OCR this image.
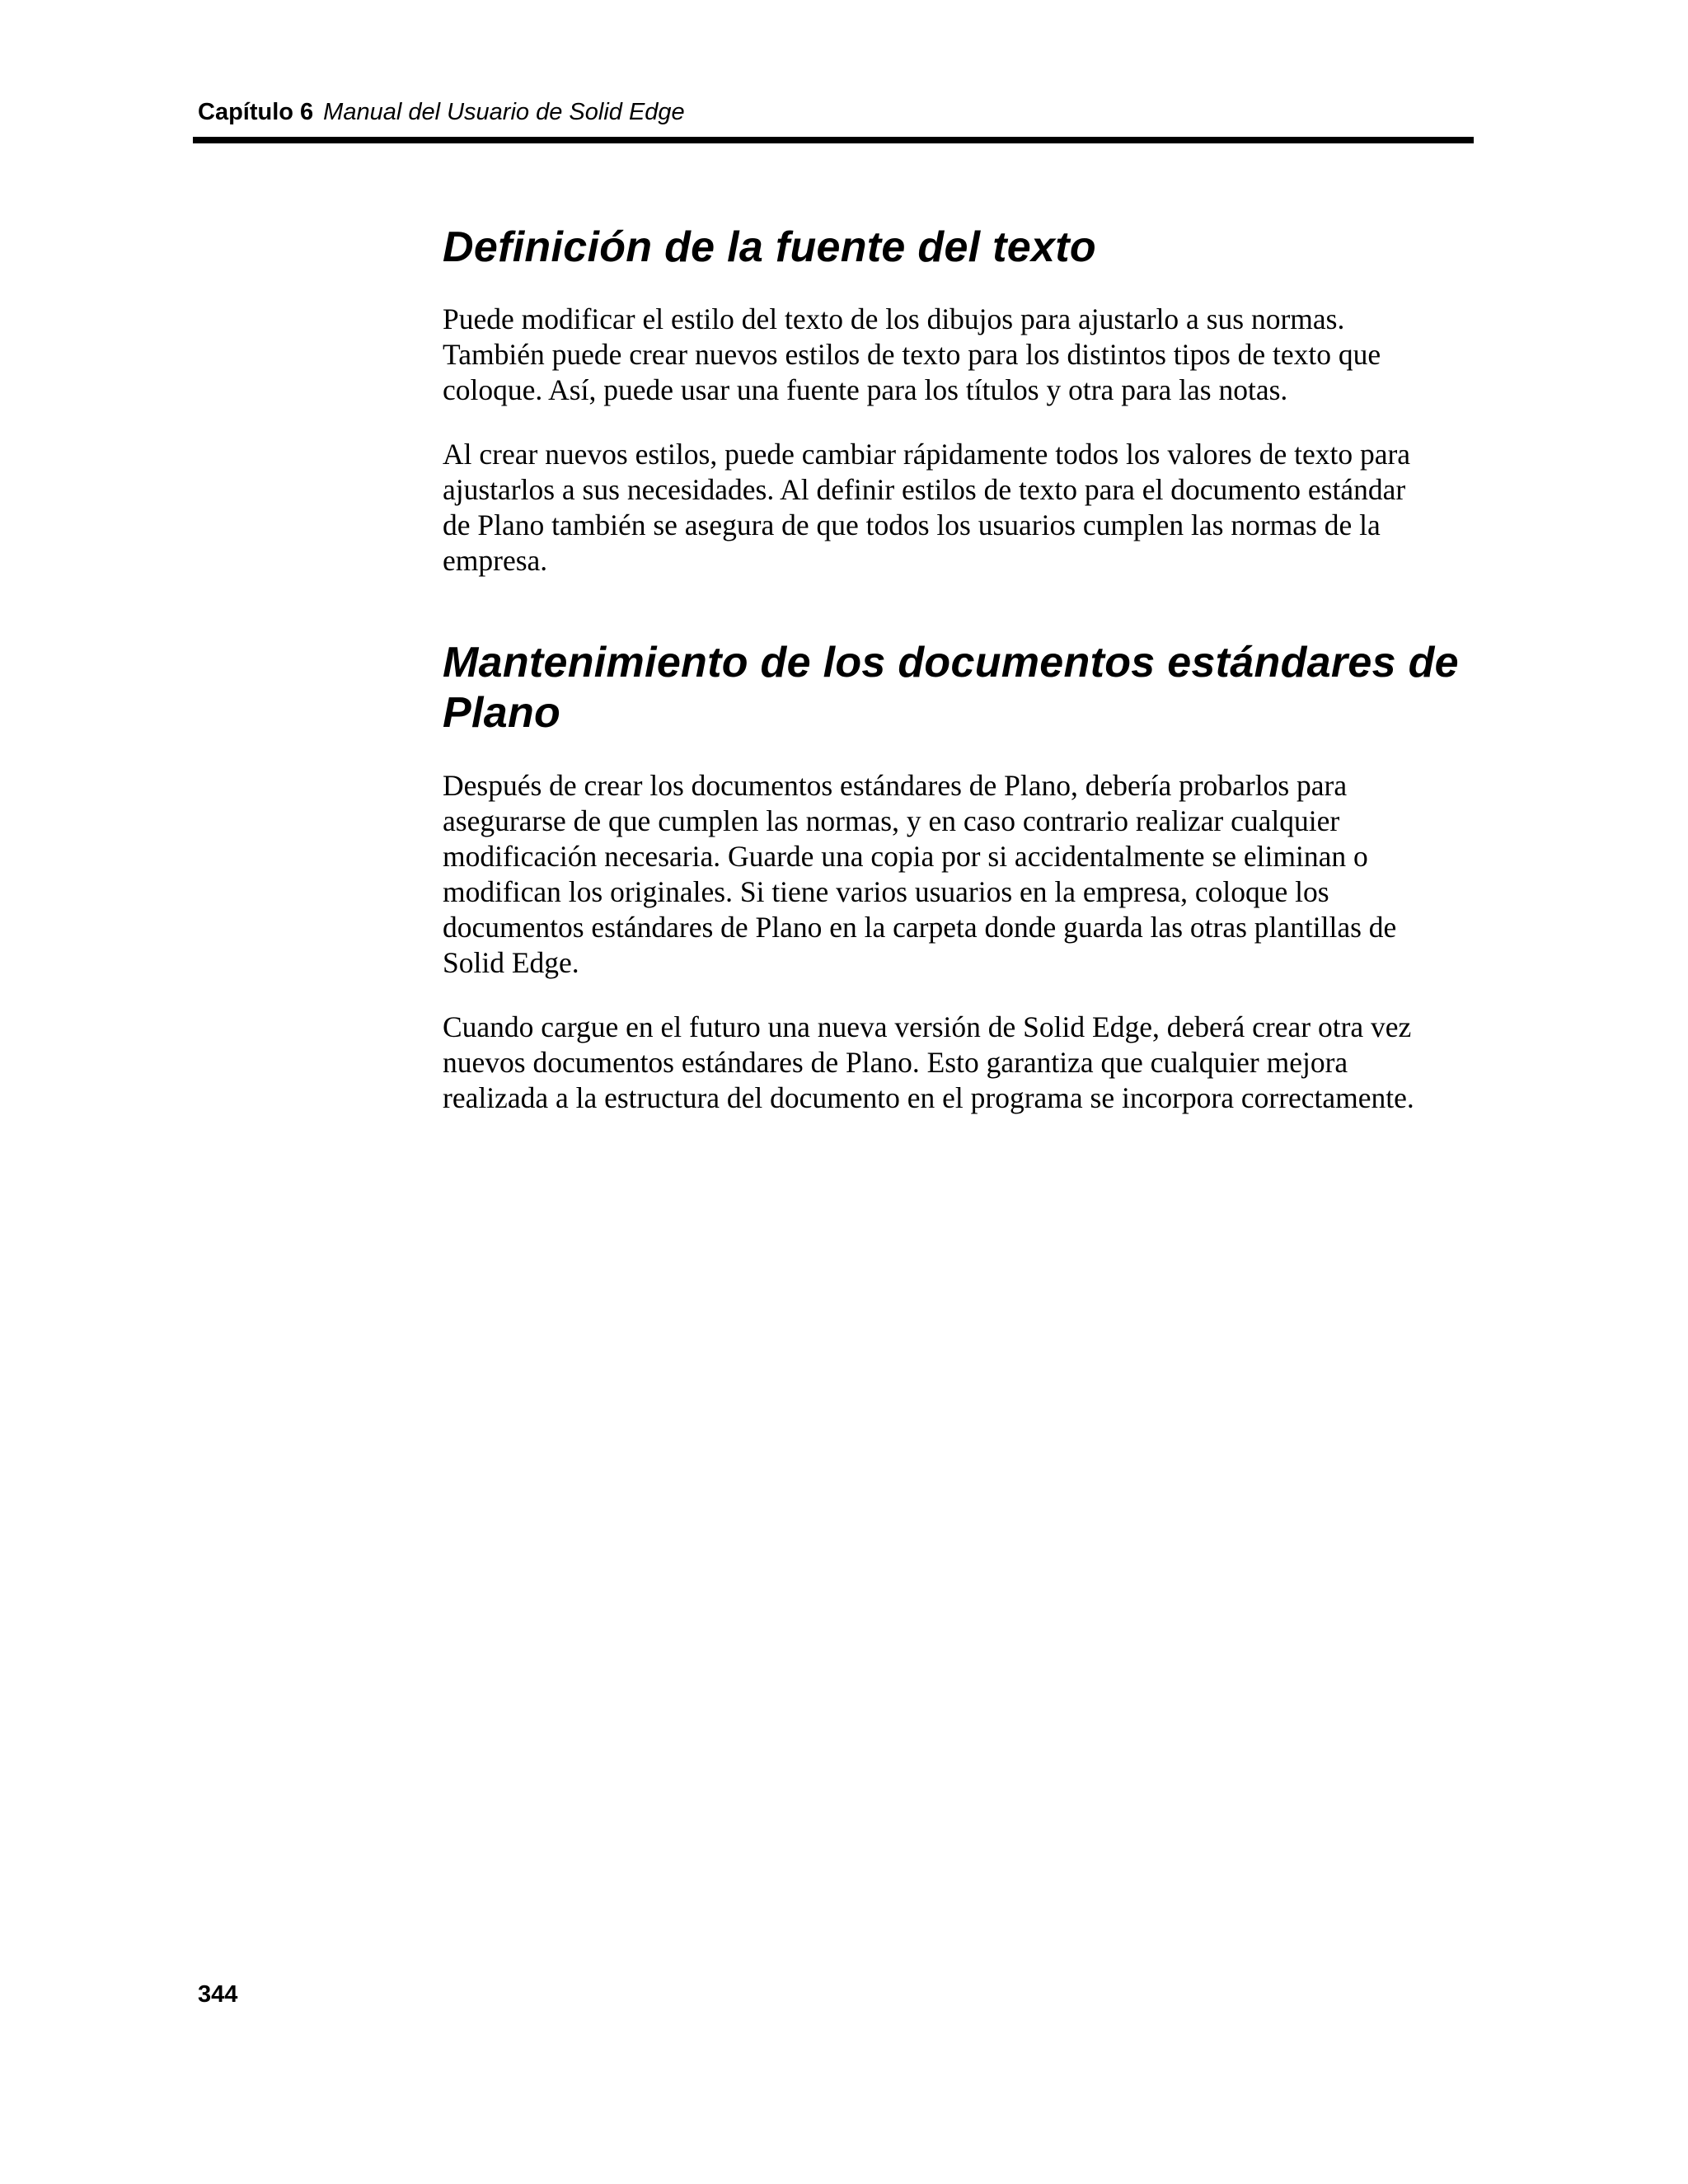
Capítulo 6 Manual del Usuario de Solid Edge
Definición de la fuente del texto

Puede modificar el estilo del texto de los dibujos para ajustarlo a sus normas.
También puede crear nuevos estilos de texto para los distintos tipos de texto que
coloque. Así, puede usar una fuente para los títulos y otra para las notas.

Al crear nuevos estilos, puede cambiar rápidamente todos los valores de texto para
ajustarlos a sus necesidades. Al definir estilos de texto para el documento estándar
de Plano también se asegura de que todos los usuarios cumplen las normas de la
empresa.

Mantenimiento de los documentos estándares de
Plano

Después de crear los documentos estándares de Plano, debería probarlos para
asegurarse de que cumplen las normas, y en caso contrario realizar cualquier
modificación necesaria. Guarde una copia por si accidentalmente se eliminan o
modifican los originales. Si tiene varios usuarios en la empresa, coloque los
documentos estándares de Plano en la carpeta donde guarda las otras plantillas de
Solid Edge.

Cuando cargue en el futuro una nueva versión de Solid Edge, deberá crear otra vez
nuevos documentos estándares de Plano. Esto garantiza que cualquier mejora
realizada a la estructura del documento en el programa se incorpora correctamente.

344
